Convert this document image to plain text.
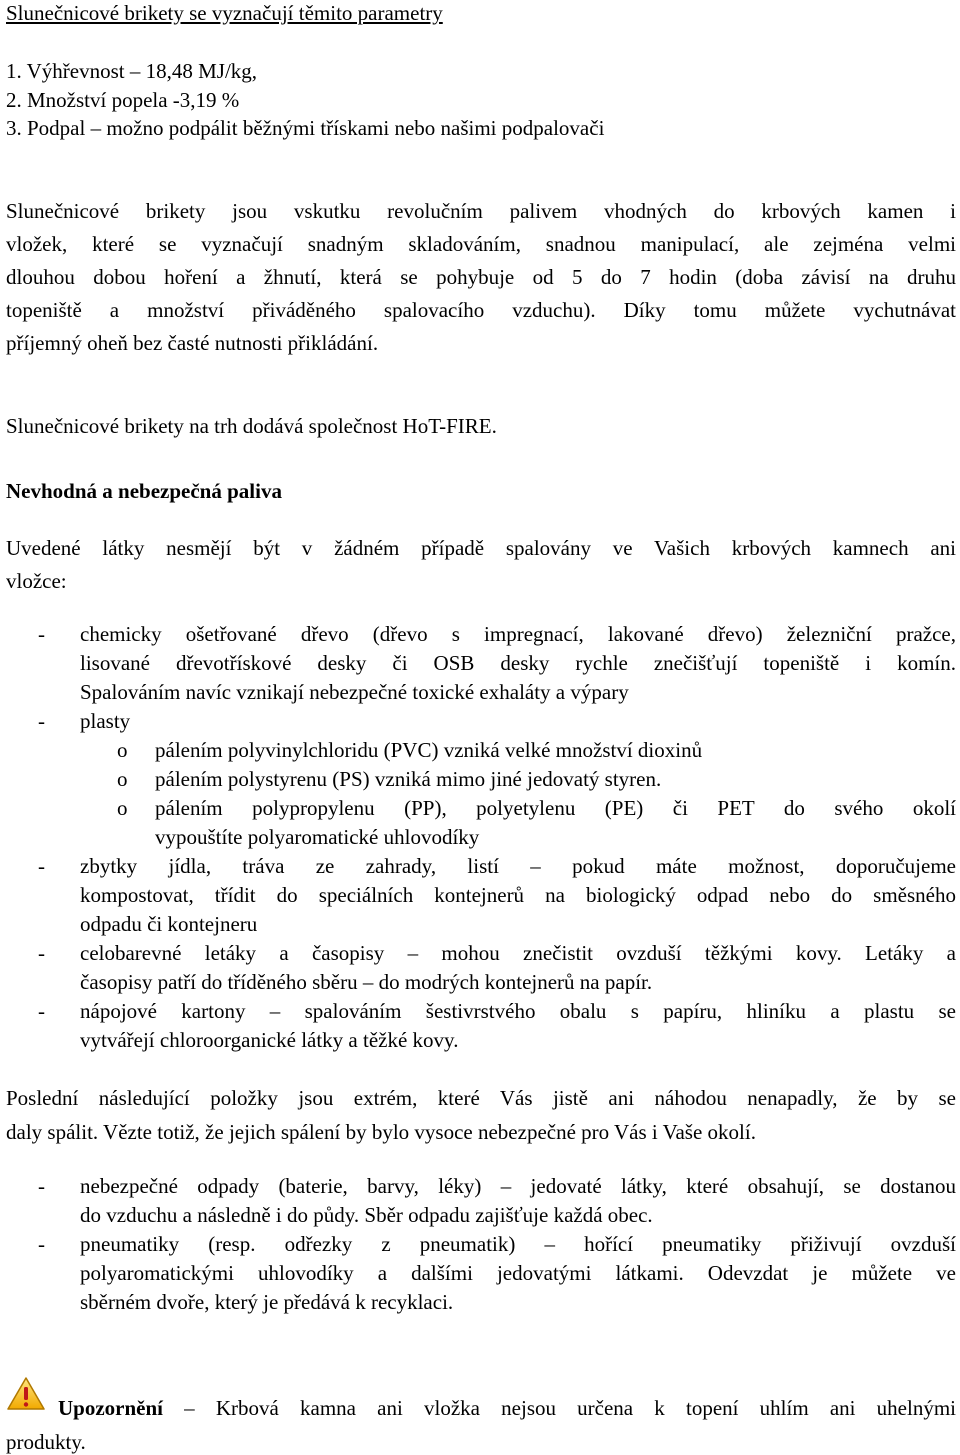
Slunečnicové brikety se vyznačují těmito parametry
1. Výhřevnost – 18,48 MJ/kg,
2. Množství popela -3,19 %
3. Podpal – možno podpálit běžnými třískami nebo našimi podpalovači
Slunečnicové brikety jsou vskutku revolučním palivem vhodných do krbových kamen i
vložek, které se vyznačují snadným skladováním, snadnou manipulací, ale zejména velmi
dlouhou dobou hoření a žhnutí, která se pohybuje od 5 do 7 hodin (doba závisí na druhu
topeniště a množství přiváděného spalovacího vzduchu). Díky tomu můžete vychutnávat
příjemný oheň bez časté nutnosti přikládání.
Slunečnicové brikety na trh dodává společnost HoT-FIRE.
Nevhodná a nebezpečná paliva
Uvedené látky nesmějí být v žádném případě spalovány ve Vašich krbových kamnech ani
vložce:
- chemicky ošetřované dřevo (dřevo s impregnací, lakované dřevo) železniční pražce,
lisované dřevotřískové desky či OSB desky rychle znečišťují topeniště i komín.
Spalováním navíc vznikají nebezpečné toxické exhaláty a výpary
- plasty
o pálením polyvinylchloridu (PVC) vzniká velké množství dioxinů
o pálením polystyrenu (PS) vzniká mimo jiné jedovatý styren.
o pálením polypropylenu (PP), polyetylenu (PE) či PET do svého okolí
vypouštíte polyaromatické uhlovodíky
- zbytky jídla, tráva ze zahrady, listí – pokud máte možnost, doporučujeme
kompostovat, třídit do speciálních kontejnerů na biologický odpad nebo do směsného
odpadu či kontejneru
- celobarevné letáky a časopisy – mohou znečistit ovzduší těžkými kovy. Letáky a
časopisy patří do tříděného sběru – do modrých kontejnerů na papír.
- nápojové kartony – spalováním šestivrstvého obalu s papíru, hliníku a plastu se
vytvářejí chloroorganické látky a těžké kovy.
Poslední následující položky jsou extrém, které Vás jistě ani náhodou nenapadly, že by se
daly spálit. Vězte totiž, že jejich spálení by bylo vysoce nebezpečné pro Vás i Vaše okolí.
- nebezpečné odpady (baterie, barvy, léky) – jedovaté látky, které obsahují, se dostanou
do vzduchu a následně i do půdy. Sběr odpadu zajišťuje každá obec.
- pneumatiky (resp. odřezky z pneumatik) – hořící pneumatiky přiživují ovzduší
polyaromatickými uhlovodíky a dalšími jedovatými látkami. Odevzdat je můžete ve
sběrném dvoře, který je předává k recyklaci.
Upozornění – Krbová kamna ani vložka nejsou určena k topení uhlím ani uhelnými
produkty.
